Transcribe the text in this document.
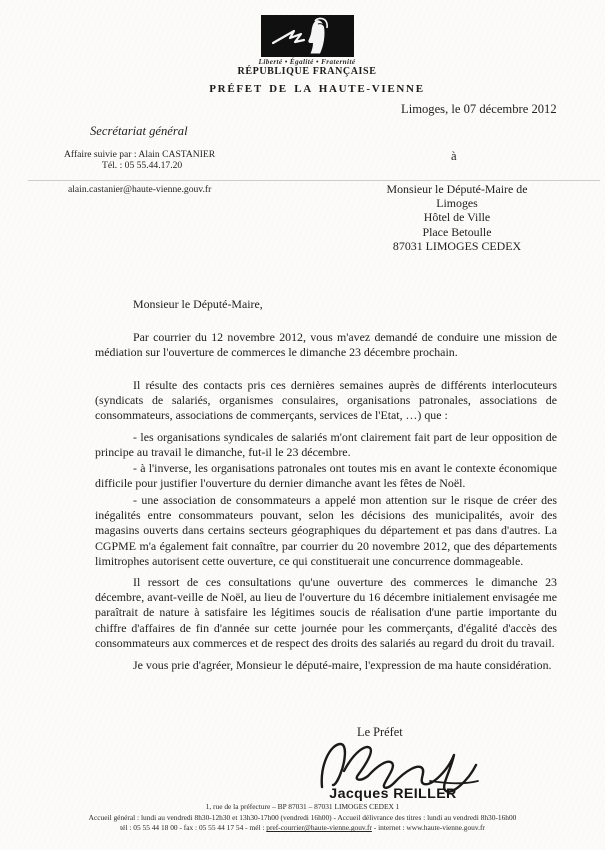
Liberté • Égalité • Fraternité
RÉPUBLIQUE FRANÇAISE
PRÉFET DE LA HAUTE-VIENNE
Limoges, le 07 décembre 2012
Secrétariat général
Affaire suivie par : Alain CASTANIER
Tél. : 05 55.44.17.20
alain.castanier@haute-vienne.gouv.fr
à
Monsieur le Député-Maire de
Limoges
Hôtel de Ville
Place Betoulle
87031 LIMOGES CEDEX

Monsieur le Député-Maire,

Par courrier du 12 novembre 2012, vous m'avez demandé de conduire une mission de médiation sur l'ouverture de commerces le dimanche 23 décembre prochain.

Il résulte des contacts pris ces dernières semaines auprès de différents interlocuteurs (syndicats de salariés, organismes consulaires, organisations patronales, associations de consommateurs, associations de commerçants, services de l'Etat, …) que :

- les organisations syndicales de salariés m'ont clairement fait part de leur opposition de principe au travail le dimanche, fut-il le 23 décembre.

- à l'inverse, les organisations patronales ont toutes mis en avant le contexte économique difficile pour justifier l'ouverture du dernier dimanche avant les fêtes de Noël.

- une association de consommateurs a appelé mon attention sur le risque de créer des inégalités entre consommateurs pouvant, selon les décisions des municipalités, avoir des magasins ouverts dans certains secteurs géographiques du département et pas dans d'autres. La CGPME m'a également fait connaître, par courrier du 20 novembre 2012, que des départements limitrophes autorisent cette ouverture, ce qui constituerait une concurrence dommageable.

Il ressort de ces consultations qu'une ouverture des commerces le dimanche 23 décembre, avant-veille de Noël, au lieu de l'ouverture du 16 décembre initialement envisagée me paraîtrait de nature à satisfaire les légitimes soucis de réalisation d'une partie importante du chiffre d'affaires de fin d'année sur cette journée pour les commerçants, d'égalité d'accès des consommateurs aux commerces et de respect des droits des salariés au regard du droit du travail.

Je vous prie d'agréer, Monsieur le député-maire, l'expression de ma haute considération.

Le Préfet
Jacques REILLER
1, rue de la préfecture – BP 87031 – 87031 LIMOGES CEDEX 1
Accueil général : lundi au vendredi 8h30-12h30 et 13h30-17h00 (vendredi 16h00) - Accueil délivrance des titres : lundi au vendredi 8h30-16h00
tél : 05 55 44 18 00 - fax : 05 55 44 17 54 - mél : pref-courrier@haute-vienne.gouv.fr - internet : www.haute-vienne.gouv.fr
